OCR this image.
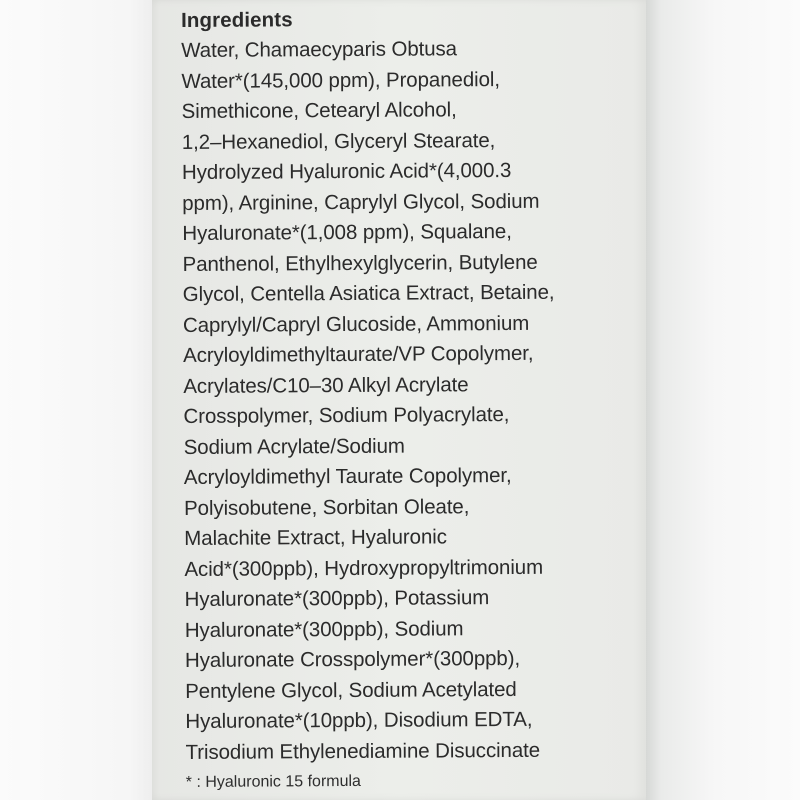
Ingredients
Water, Chamaecyparis Obtusa
Water*(145,000 ppm), Propanediol,
Simethicone, Cetearyl Alcohol,
1,2–Hexanediol, Glyceryl Stearate,
Hydrolyzed Hyaluronic Acid*(4,000.3
ppm), Arginine, Caprylyl Glycol, Sodium
Hyaluronate*(1,008 ppm), Squalane,
Panthenol, Ethylhexylglycerin, Butylene
Glycol, Centella Asiatica Extract, Betaine,
Caprylyl/Capryl Glucoside, Ammonium
Acryloyldimethyltaurate/VP Copolymer,
Acrylates/C10–30 Alkyl Acrylate
Crosspolymer, Sodium Polyacrylate,
Sodium Acrylate/Sodium
Acryloyldimethyl Taurate Copolymer,
Polyisobutene, Sorbitan Oleate,
Malachite Extract, Hyaluronic
Acid*(300ppb), Hydroxypropyltrimonium
Hyaluronate*(300ppb), Potassium
Hyaluronate*(300ppb), Sodium
Hyaluronate Crosspolymer*(300ppb),
Pentylene Glycol, Sodium Acetylated
Hyaluronate*(10ppb), Disodium EDTA,
Trisodium Ethylenediamine Disuccinate
* : Hyaluronic 15 formula
